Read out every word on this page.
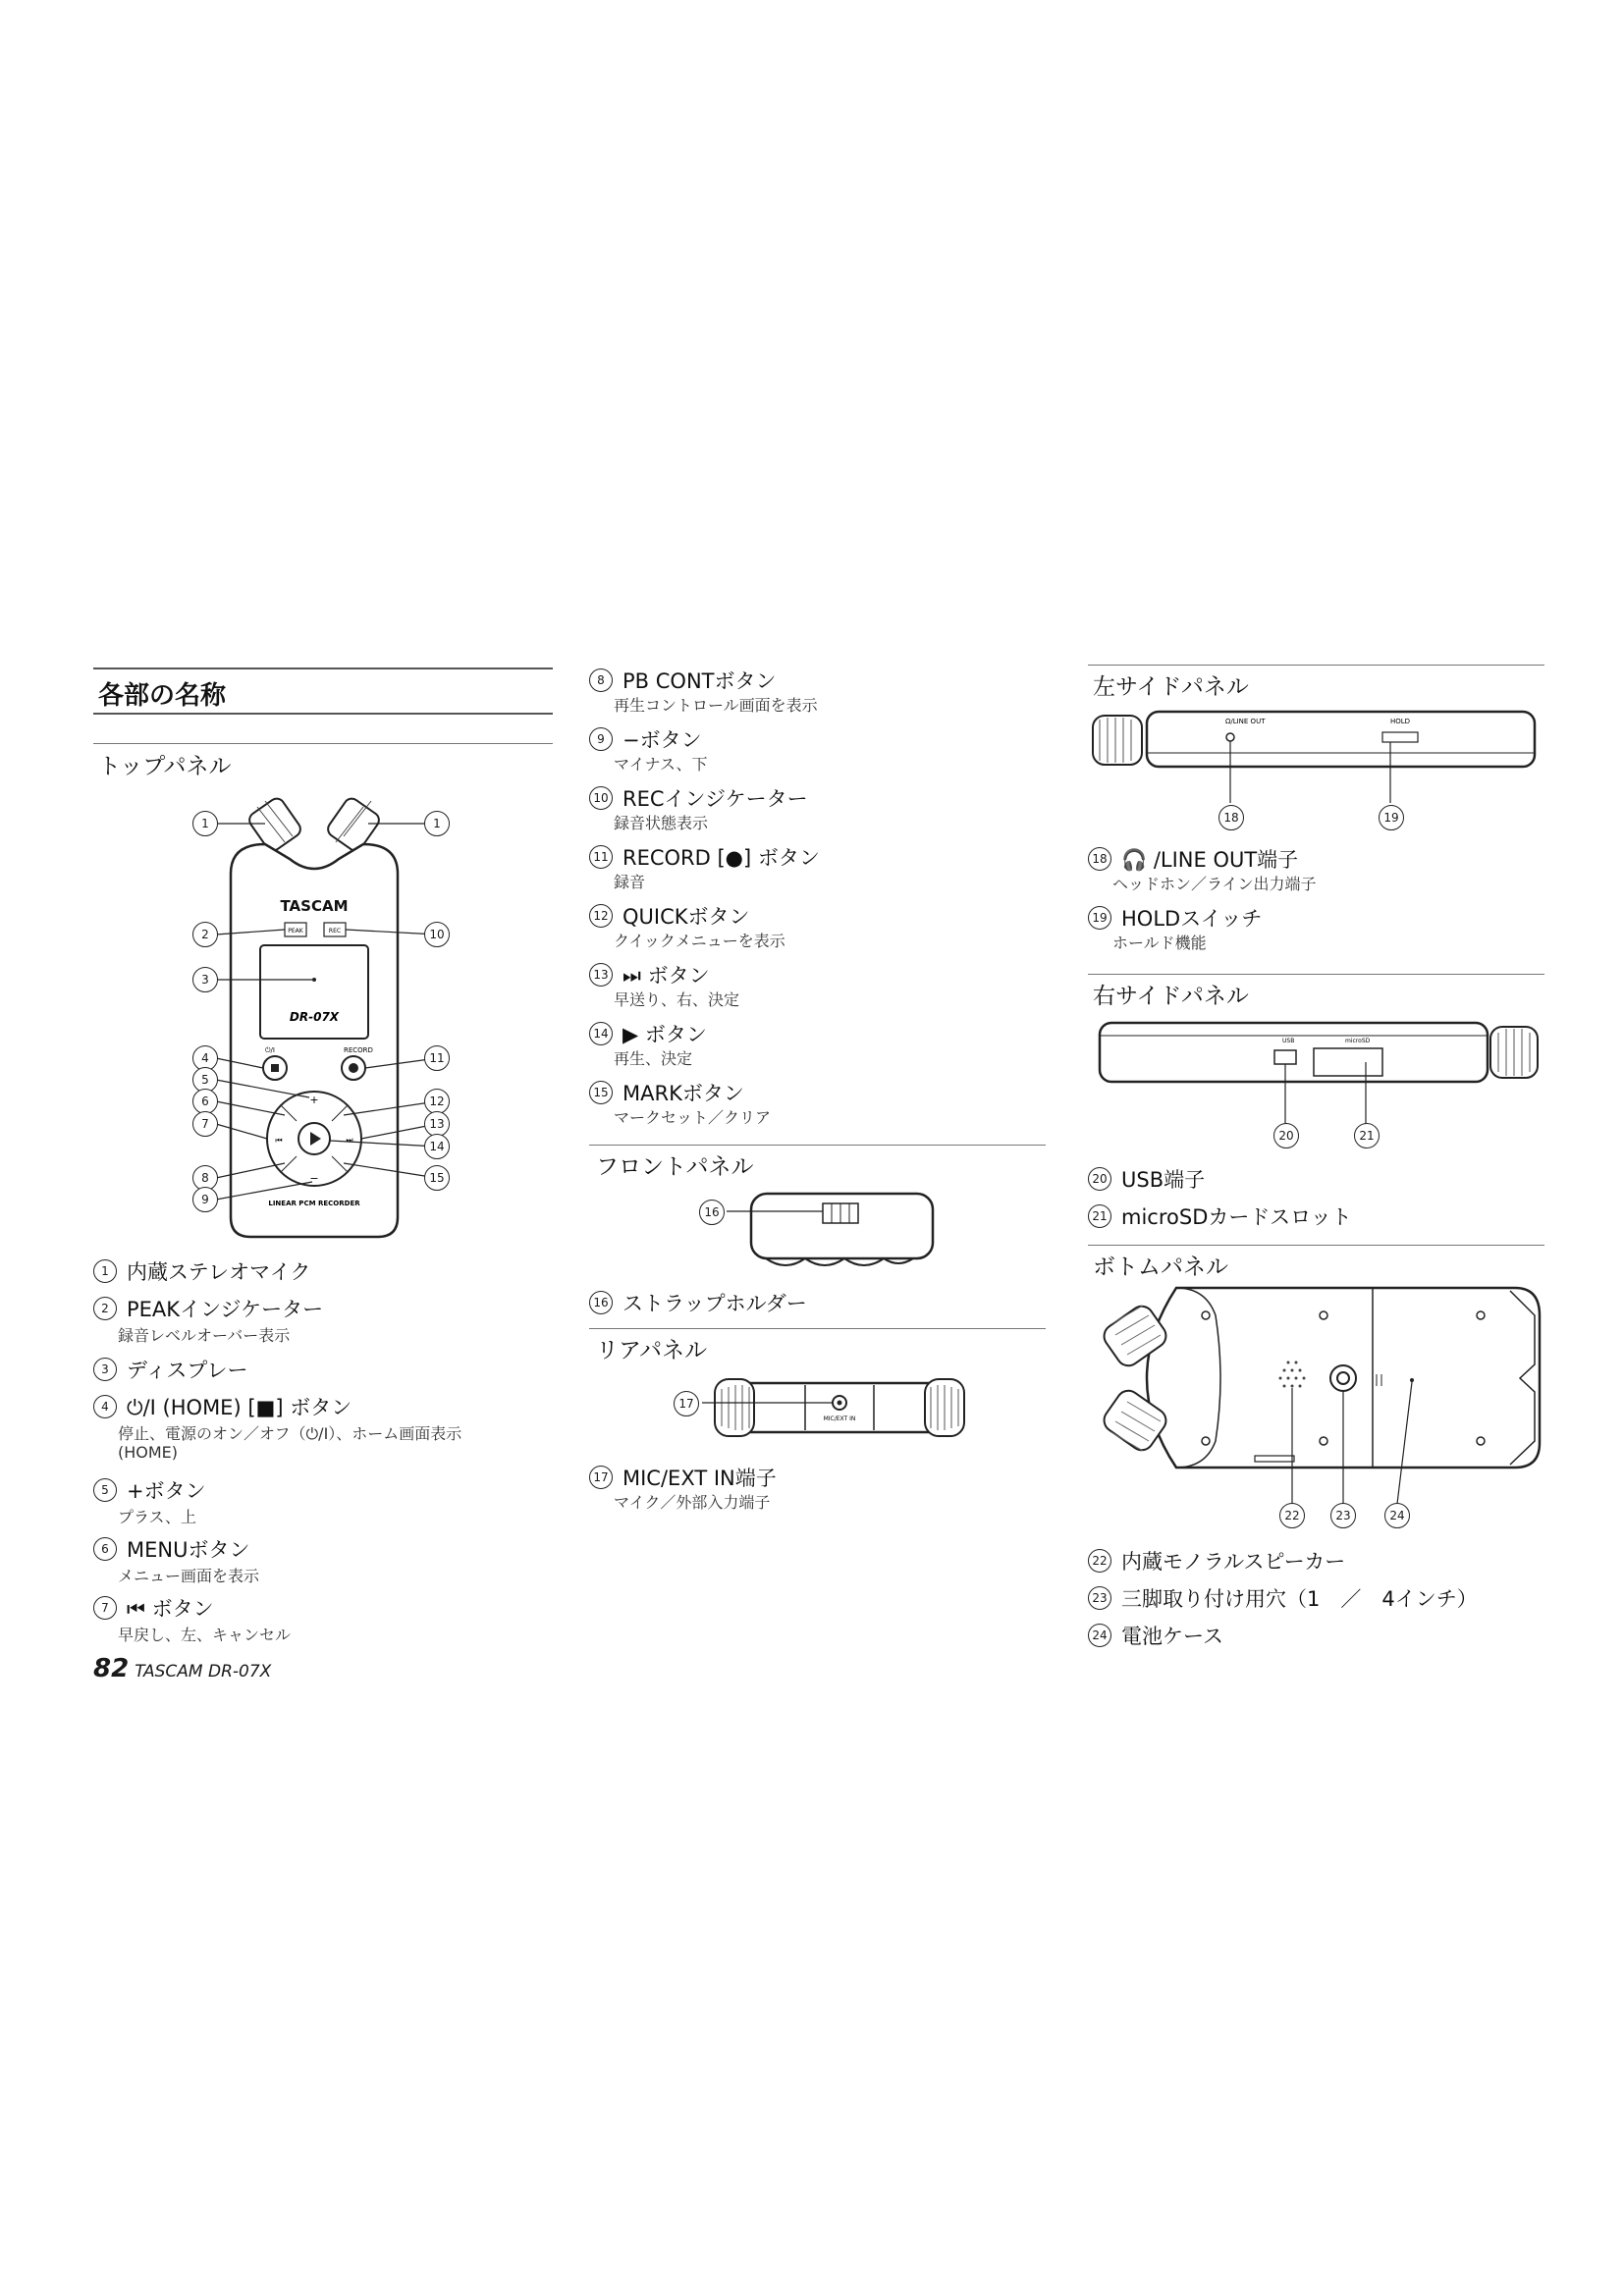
各部の名称
トップパネル
TASCAM
PEAK	REC
DR-07X
⏻/I	RECORD
+
−
⏮	⏭
LINEAR PCM RECORDER
1	1
2	10
3
4	11
5
6	12
7	13
14
8	15
9
1 内蔵ステレオマイク
2 PEAKインジケーター
録音レベルオーバー表示
3 ディスプレー
4 ⏻/I (HOME) [■] ボタン
停止、電源のオン／オフ（⏻/I）、ホーム画面表示
(HOME)
5 +ボタン
プラス、上
6 MENUボタン
メニュー画面を表示
7 ⏮ ボタン
早戻し、左、キャンセル
82 TASCAM DR-07X
8 PB CONTボタン
再生コントロール画面を表示
9 −ボタン
マイナス、下
10 RECインジケーター
録音状態表示
11 RECORD [●] ボタン
録音
12 QUICKボタン
クイックメニューを表示
13 ⏭ ボタン
早送り、右、決定
14 ▶ ボタン
再生、決定
15 MARKボタン
マークセット／クリア
フロントパネル
16
16 ストラップホルダー
リアパネル
MIC/EXT IN
17
17 MIC/EXT IN端子
マイク／外部入力端子
左サイドパネル
Ω/LINE OUT	HOLD
18	19
18 🎧 /LINE OUT端子
ヘッドホン／ライン出力端子
19 HOLDスイッチ
ホールド機能
右サイドパネル
USB	microSD
20	21
20 USB端子
21 microSDカードスロット
ボトムパネル
22	23	24
22 内蔵モノラルスピーカー
23 三脚取り付け用穴（1　／　4インチ）
24 電池ケース
